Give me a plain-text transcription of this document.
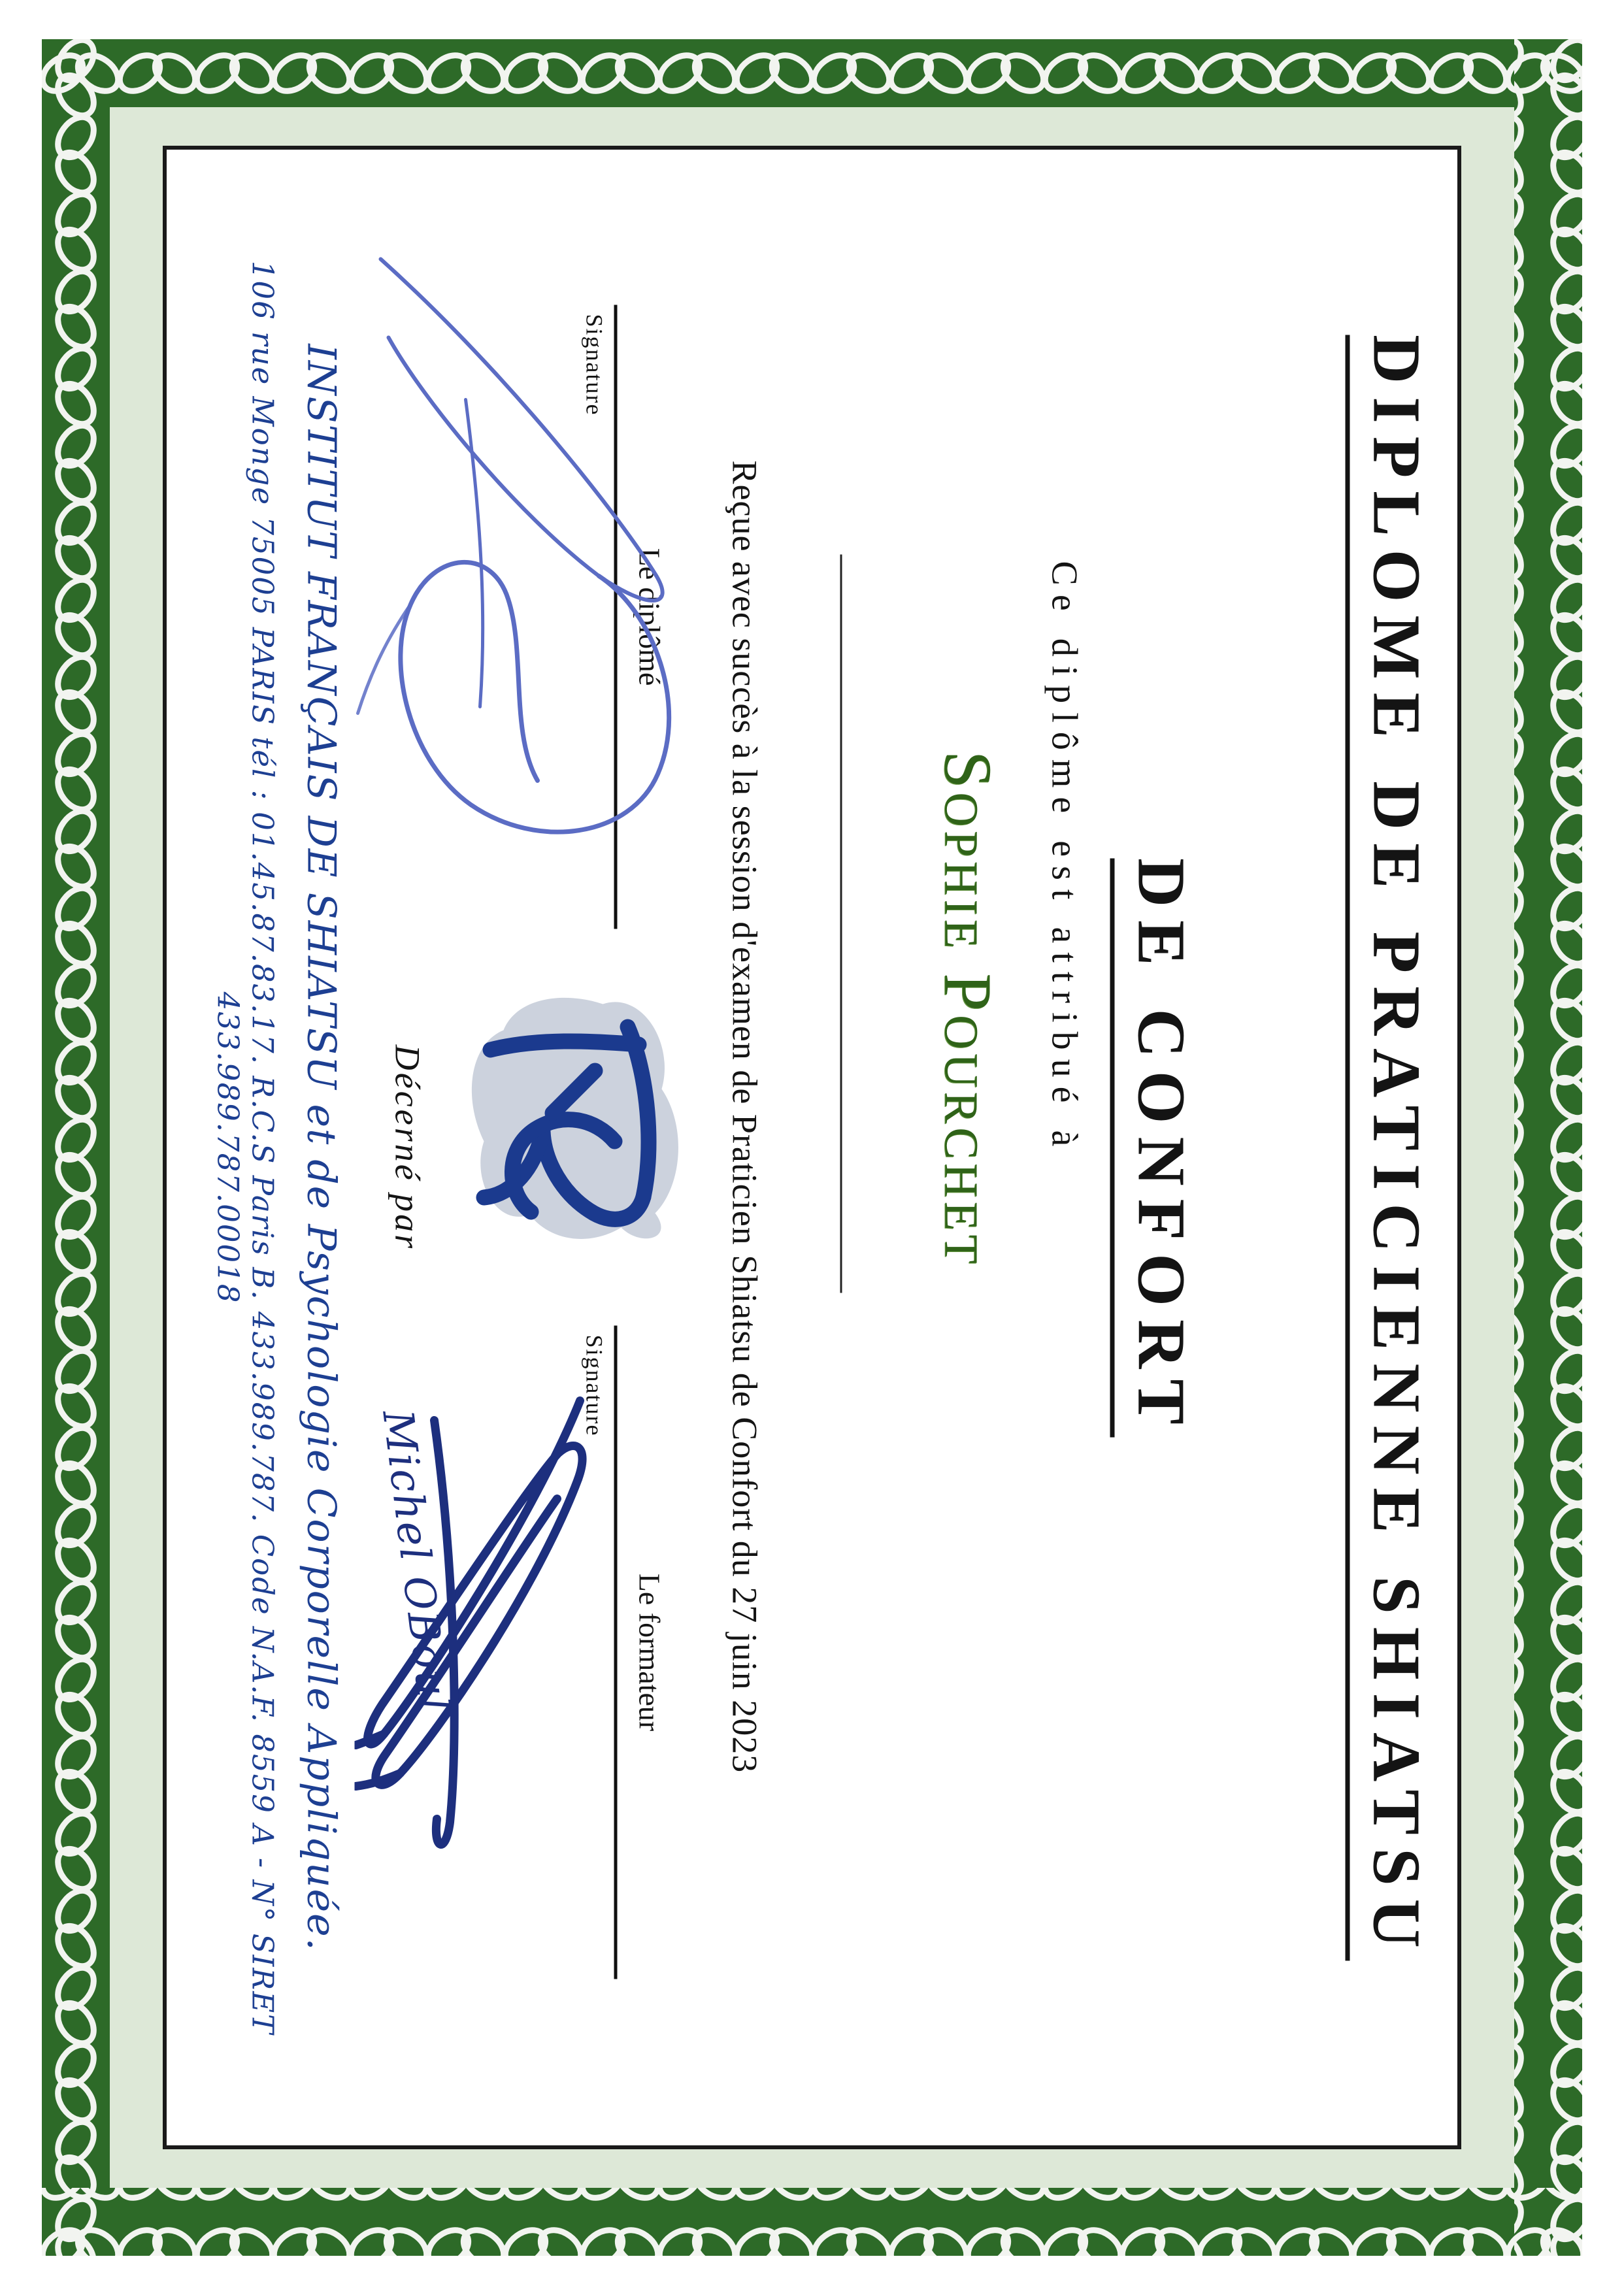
DIPLOME DE PRATICIENNE SHIATSU
DE CONFORT
Ce diplôme est attribué à
Sophie Pourchet
Reçue avec succès à la session d'examen de Praticien Shiatsu de Confort du 27 juin 2023
Le diplômé
Signature
Décerné par
Le formateur
Signature
Michel OBoul
INSTITUT FRANÇAIS DE SHIATSU et de Psychologie Corporelle Appliquée.
106 rue Monge 75005 PARIS tél : 01.45.87.83.17. R.C.S Paris B. 433.989.787. Code N.A.F. 8559 A - N° SIRET 433.989.787.00018
